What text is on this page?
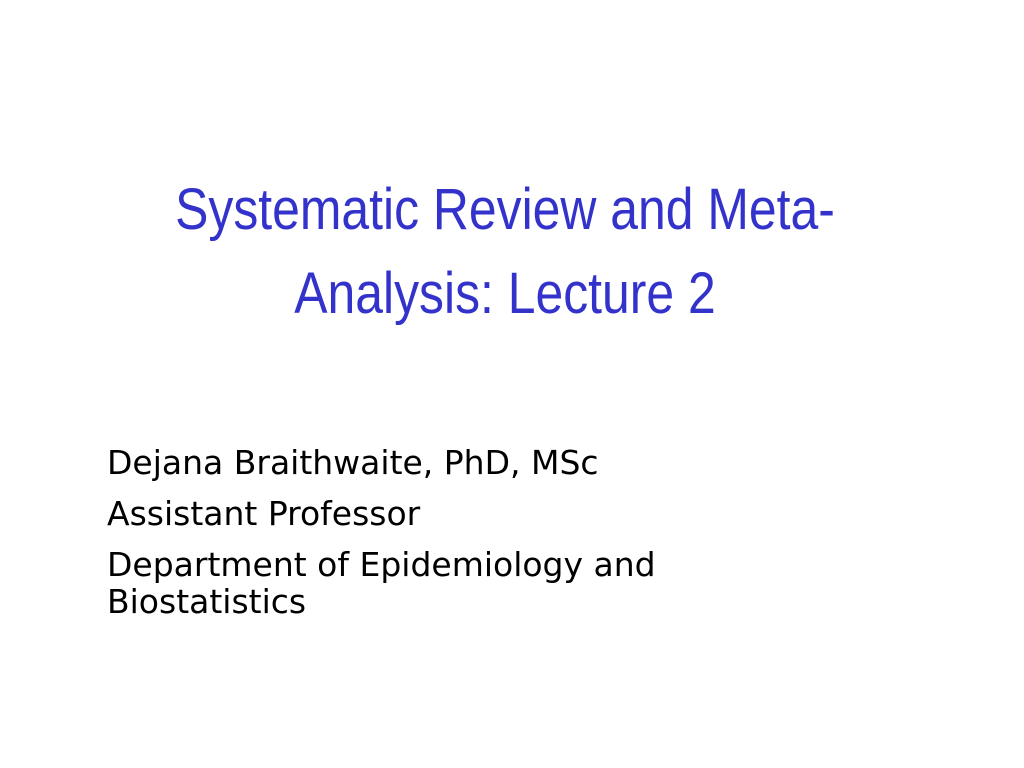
Systematic Review and Meta-
Analysis: Lecture 2
Dejana Braithwaite, PhD, MSc
Assistant Professor
Department of Epidemiology and
Biostatistics
